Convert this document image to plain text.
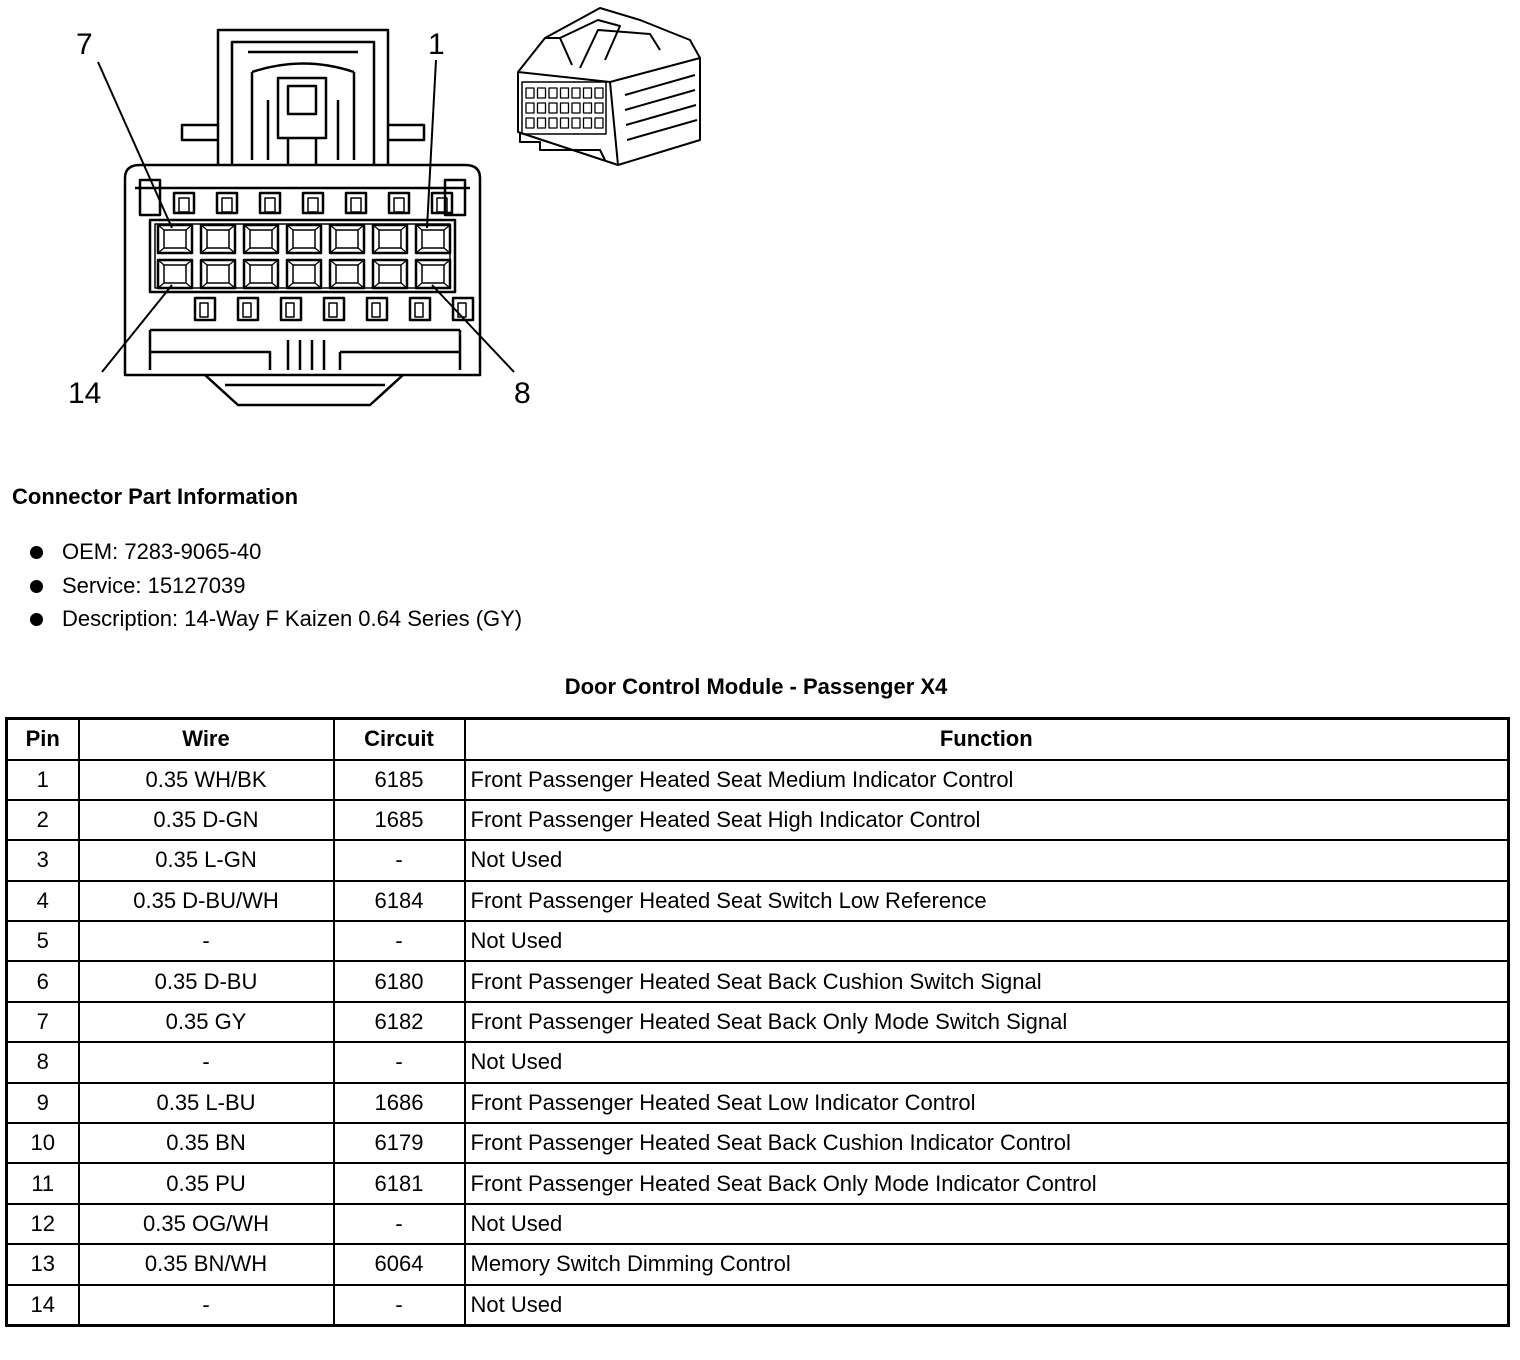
7	1
14	8
Connector Part Information
OEM: 7283-9065-40
Service: 15127039
Description: 14-Way F Kaizen 0.64 Series (GY)
Door Control Module - Passenger X4
Pin	Wire	Circuit	Function
1	0.35 WH/BK	6185	Front Passenger Heated Seat Medium Indicator Control
2	0.35 D-GN	1685	Front Passenger Heated Seat High Indicator Control
3	0.35 L-GN	-	Not Used
4	0.35 D-BU/WH	6184	Front Passenger Heated Seat Switch Low Reference
5	-	-	Not Used
6	0.35 D-BU	6180	Front Passenger Heated Seat Back Cushion Switch Signal
7	0.35 GY	6182	Front Passenger Heated Seat Back Only Mode Switch Signal
8	-	-	Not Used
9	0.35 L-BU	1686	Front Passenger Heated Seat Low Indicator Control
10	0.35 BN	6179	Front Passenger Heated Seat Back Cushion Indicator Control
11	0.35 PU	6181	Front Passenger Heated Seat Back Only Mode Indicator Control
12	0.35 OG/WH	-	Not Used
13	0.35 BN/WH	6064	Memory Switch Dimming Control
14	-	-	Not Used
